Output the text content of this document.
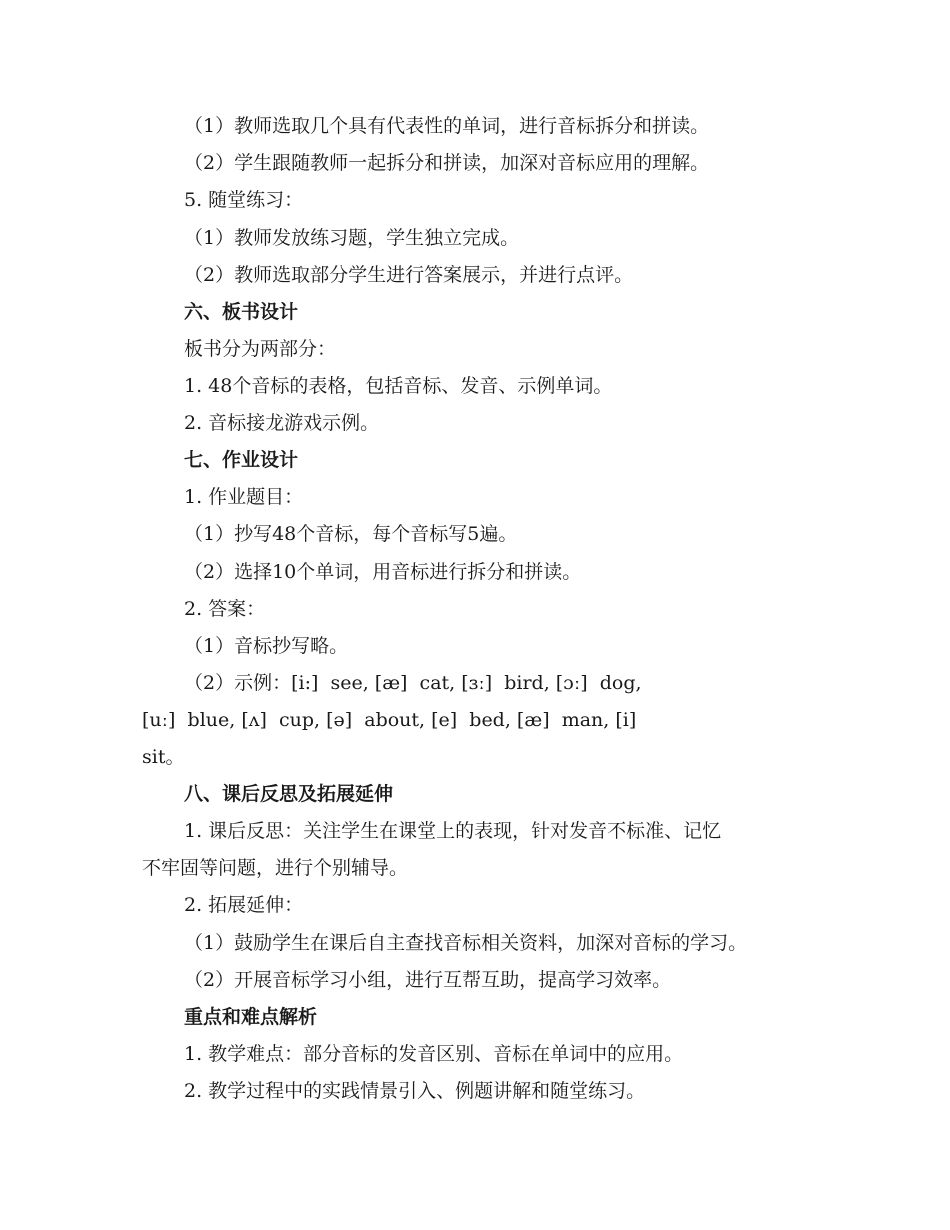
（1）教师选取几个具有代表性的单词，进行音标拆分和拼读。
（2）学生跟随教师一起拆分和拼读，加深对音标应用的理解。
5. 随堂练习：
（1）教师发放练习题，学生独立完成。
（2）教师选取部分学生进行答案展示，并进行点评。
六、板书设计
板书分为两部分：
1. 48个音标的表格，包括音标、发音、示例单词。
2. 音标接龙游戏示例。
七、作业设计
1. 作业题目：
（1）抄写48个音标，每个音标写5遍。
（2）选择10个单词，用音标进行拆分和拼读。
2. 答案：
（1）音标抄写略。
（2）示例：[i:]  see, [æ]  cat, [ɜː]  bird, [ɔː]  dog,
[uː]  blue, [ʌ]  cup, [ə]  about, [e]  bed, [æ]  man, [i]
sit。
八、课后反思及拓展延伸
1. 课后反思：关注学生在课堂上的表现，针对发音不标准、记忆
不牢固等问题，进行个别辅导。
2. 拓展延伸：
（1）鼓励学生在课后自主查找音标相关资料，加深对音标的学习。
（2）开展音标学习小组，进行互帮互助，提高学习效率。
重点和难点解析
1. 教学难点：部分音标的发音区别、音标在单词中的应用。
2. 教学过程中的实践情景引入、例题讲解和随堂练习。
